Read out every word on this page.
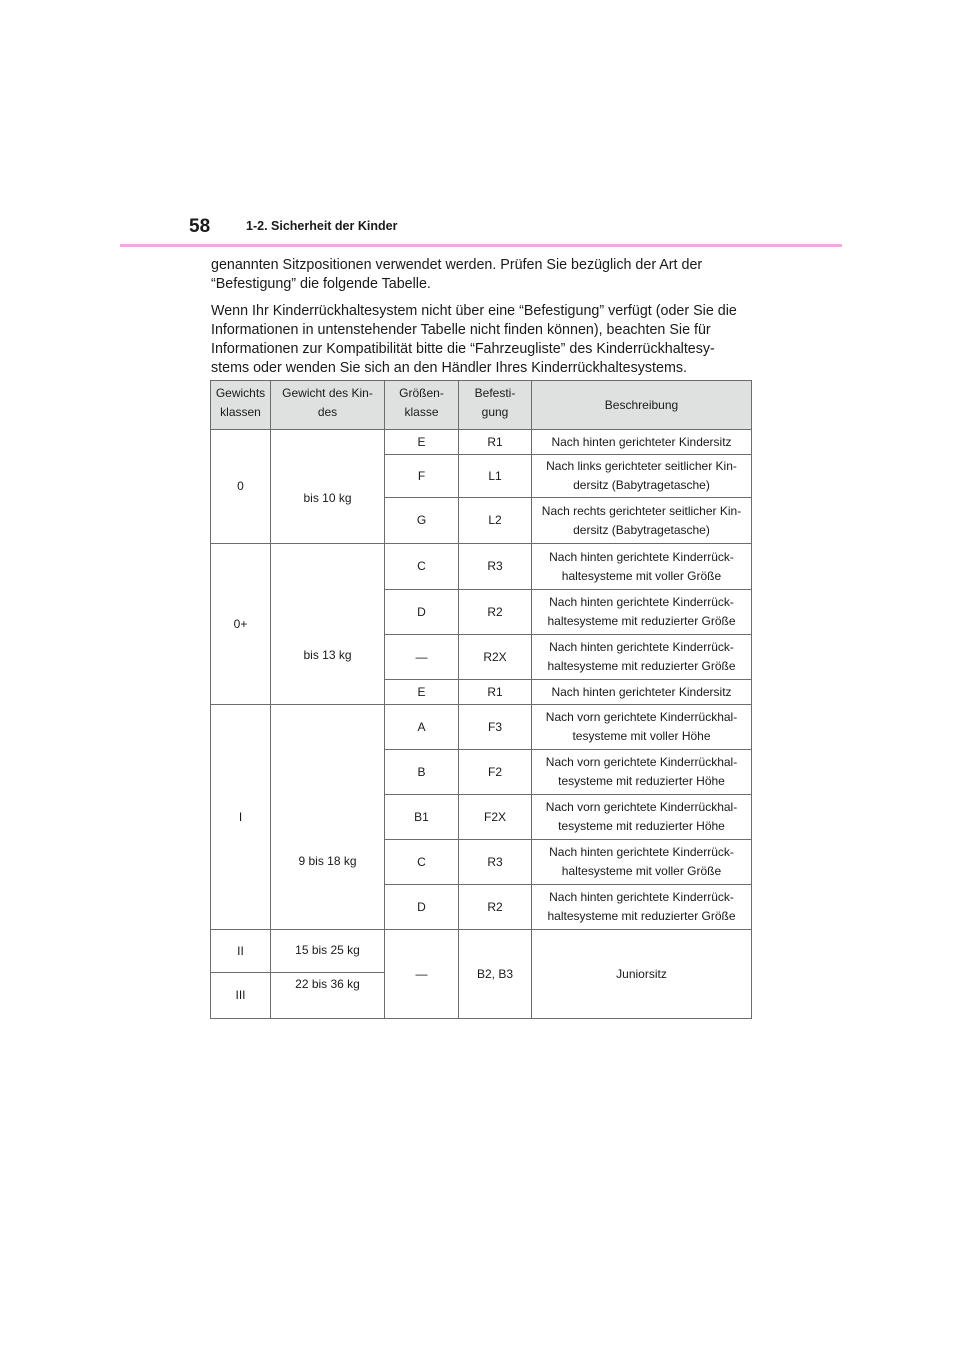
58	1-2. Sicherheit der Kinder

genannten Sitzpositionen verwendet werden. Prüfen Sie bezüglich der Art der “Befestigung” die folgende Tabelle.

Wenn Ihr Kinderrückhaltesystem nicht über eine “Befestigung” verfügt (oder Sie die Informationen in untenstehender Tabelle nicht finden können), beachten Sie für Informationen zur Kompatibilität bitte die “Fahrzeugliste” des Kinderrückhaltesy- stems oder wenden Sie sich an den Händler Ihres Kinderrückhaltesystems.

Gewichts klassen	Gewicht des Kin- des	Größen- klasse	Befesti- gung	Beschreibung
0	bis 10 kg	E	R1	Nach hinten gerichteter Kindersitz
		F	L1	Nach links gerichteter seitlicher Kin- dersitz (Babytragetasche)
		G	L2	Nach rechts gerichteter seitlicher Kin- dersitz (Babytragetasche)
0+	bis 13 kg	C	R3	Nach hinten gerichtete Kinderrück- haltesysteme mit voller Größe
		D	R2	Nach hinten gerichtete Kinderrück- haltesysteme mit reduzierter Größe
		—	R2X	Nach hinten gerichtete Kinderrück- haltesysteme mit reduzierter Größe
		E	R1	Nach hinten gerichteter Kindersitz
I	9 bis 18 kg	A	F3	Nach vorn gerichtete Kinderrückhal- tesysteme mit voller Höhe
		B	F2	Nach vorn gerichtete Kinderrückhal- tesysteme mit reduzierter Höhe
		B1	F2X	Nach vorn gerichtete Kinderrückhal- tesysteme mit reduzierter Höhe
		C	R3	Nach hinten gerichtete Kinderrück- haltesysteme mit voller Größe
		D	R2	Nach hinten gerichtete Kinderrück- haltesysteme mit reduzierter Größe
II	15 bis 25 kg	—	B2, B3	Juniorsitz
III	22 bis 36 kg			
